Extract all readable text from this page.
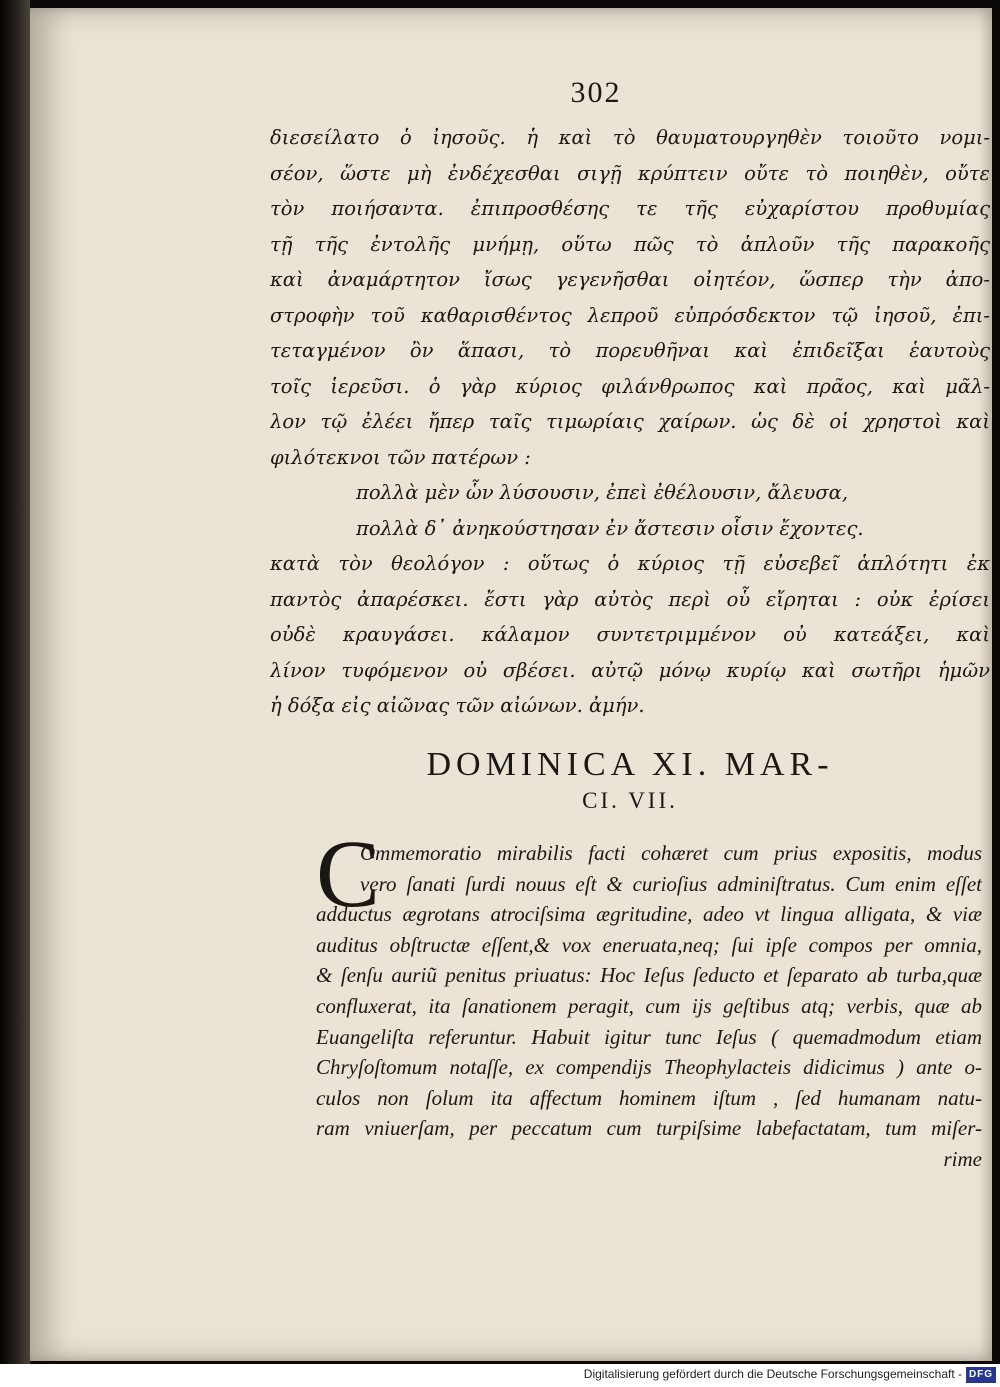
302
διεσείλατο ὁ ἰησοῦς. ἡ καὶ τὸ θαυματουργηθὲν τοιοῦτο νομι-
σέον, ὥστε μὴ ἐνδέχεσθαι σιγῇ κρύπτειν οὔτε τὸ ποιηθὲν, οὔτε
τὸν ποιήσαντα. ἐπιπροσθέσης τε τῆς εὐχαρίστου προθυμίας
τῇ τῆς ἐντολῆς μνήμῃ, οὕτω πῶς τὸ ἁπλοῦν τῆς παρακοῆς
καὶ ἀναμάρτητον ἴσως γεγενῆσθαι οἰητέον, ὥσπερ τὴν ἀπο-
στροφὴν τοῦ καθαρισθέντος λεπροῦ εὐπρόσδεκτον τῷ ἰησοῦ, ἐπι-
τεταγμένον ὂν ἅπασι, τὸ πορευθῆναι καὶ ἐπιδεῖξαι ἑαυτοὺς
τοῖς ἱερεῦσι. ὁ γὰρ κύριος φιλάνθρωπος καὶ πρᾶος, καὶ μᾶλ-
λον τῷ ἐλέει ἤπερ ταῖς τιμωρίαις χαίρων. ὡς δὲ οἱ χρηστοὶ καὶ
φιλότεκνοι τῶν πατέρων :
πολλὰ μὲν ὧν λύσουσιν, ἐπεὶ ἐθέλουσιν, ἄλευσα,
πολλὰ δ᾽ ἀνηκούστησαν ἐν ἄστεσιν οἷσιν ἔχοντες.
κατὰ τὸν θεολόγον : οὕτως ὁ κύριος τῇ εὐσεβεῖ ἁπλότητι ἐκ
παντὸς ἀπαρέσκει. ἔστι γὰρ αὐτὸς περὶ οὗ εἴρηται : οὐκ ἐρίσει
οὐδὲ κραυγάσει. κάλαμον συντετριμμένον οὐ κατεάξει, καὶ
λίνον τυφόμενον οὐ σβέσει. αὐτῷ μόνῳ κυρίῳ καὶ σωτῆρι ἡμῶν
ἡ δόξα εἰς αἰῶνας τῶν αἰώνων. ἀμήν.
DOMINICA XI. MAR-
CI. VII.
C
Ommemoratio mirabilis facti cohæret cum prius expositis, modus
vero ſanati ſurdi nouus eſt & curioſius adminiſtratus. Cum enim eſſet
adductus ægrotans atrociſsima ægritudine, adeo vt lingua alligata, & viæ
auditus obſtructæ eſſent,& vox eneruata,neq; ſui ipſe compos per omnia,
& ſenſu auriũ penitus priuatus: Hoc Ieſus ſeducto et ſeparato ab turba,quæ
confluxerat, ita ſanationem peragit, cum ijs geſtibus atq; verbis, quæ ab
Euangeliſta referuntur. Habuit igitur tunc Ieſus ( quemadmodum etiam
Chryſoſtomum notaſſe, ex compendijs Theophylacteis didicimus ) ante o-
culos non ſolum ita affectum hominem iſtum , ſed humanam natu-
ram vniuerſam, per peccatum cum turpiſsime labefactatam, tum miſer-
rime
Digitalisierung gefördert durch die Deutsche Forschungsgemeinschaft - DFG
